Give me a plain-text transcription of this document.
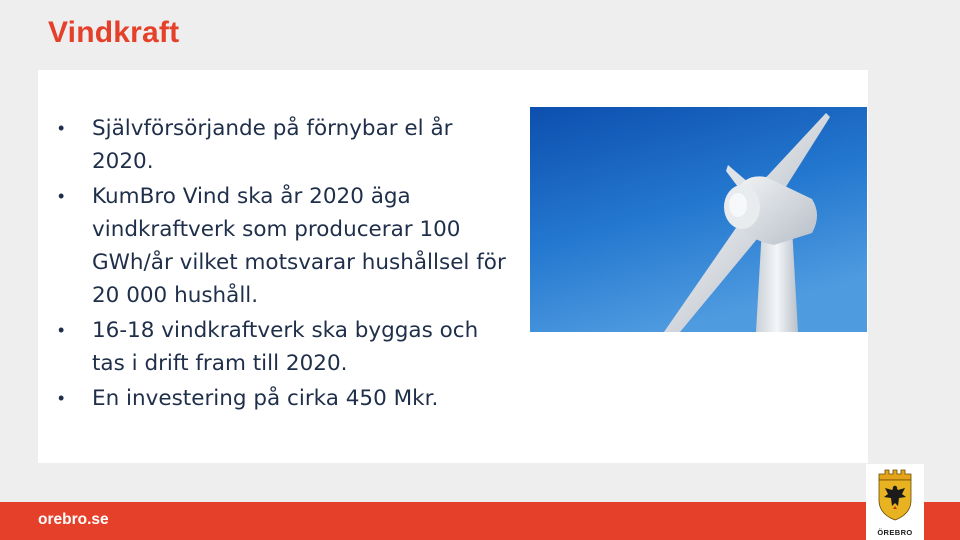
Vindkraft
• Självförsörjande på förnybar el år 2020.
• KumBro Vind ska år 2020 äga vindkraftverk som producerar 100 GWh/år vilket motsvarar hushållsel för 20 000 hushåll.
• 16-18 vindkraftverk ska byggas och tas i drift fram till 2020.
• En investering på cirka 450 Mkr.
orebro.se
ÖREBRO
